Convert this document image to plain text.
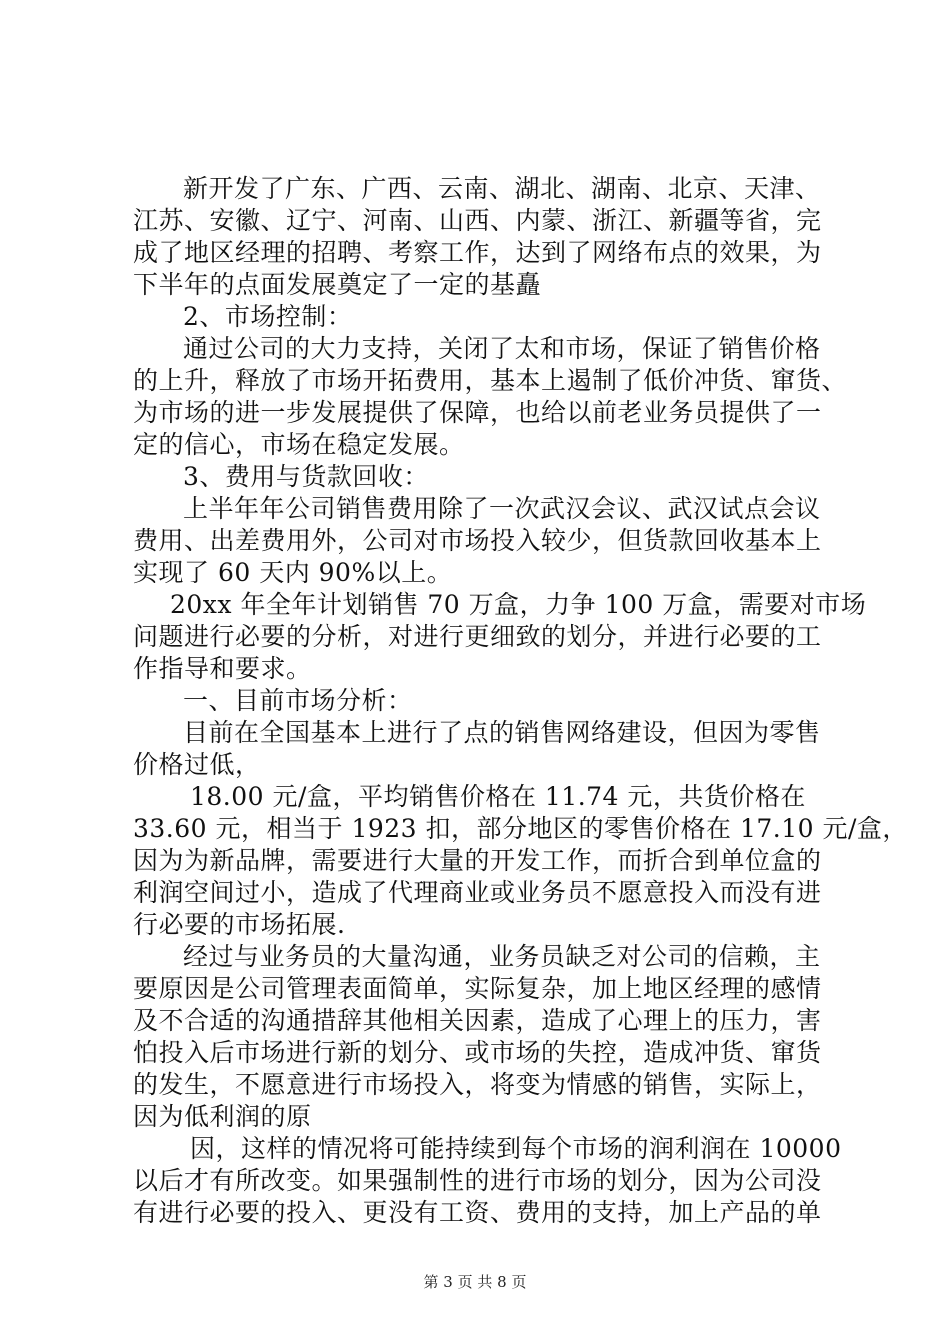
新开发了广东、广西、云南、湖北、湖南、北京、天津、
江苏、安徽、辽宁、河南、山西、内蒙、浙江、新疆等省，完
成了地区经理的招聘、考察工作，达到了网络布点的效果，为
下半年的点面发展奠定了一定的基矗
2、市场控制：
通过公司的大力支持，关闭了太和市场，保证了销售价格
的上升，释放了市场开拓费用，基本上遏制了低价冲货、窜货、
为市场的进一步发展提供了保障，也给以前老业务员提供了一
定的信心，市场在稳定发展。
3、费用与货款回收：
上半年年公司销售费用除了一次武汉会议、武汉试点会议
费用、出差费用外，公司对市场投入较少，但货款回收基本上
实现了 60 天内 90%以上。
20xx 年全年计划销售 70 万盒，力争 100 万盒，需要对市场
问题进行必要的分析，对进行更细致的划分，并进行必要的工
作指导和要求。
一、目前市场分析：
目前在全国基本上进行了点的销售网络建设，但因为零售
价格过低，
18.00 元/盒，平均销售价格在 11.74 元，共货价格在
33.60 元，相当于 1923 扣，部分地区的零售价格在 17.10 元/盒，
因为为新品牌，需要进行大量的开发工作，而折合到单位盒的
利润空间过小，造成了代理商业或业务员不愿意投入而没有进
行必要的市场拓展.
经过与业务员的大量沟通，业务员缺乏对公司的信赖，主
要原因是公司管理表面简单，实际复杂，加上地区经理的感情
及不合适的沟通措辞其他相关因素，造成了心理上的压力，害
怕投入后市场进行新的划分、或市场的失控，造成冲货、窜货
的发生，不愿意进行市场投入，将变为情感的销售，实际上，
因为低利润的原
因，这样的情况将可能持续到每个市场的润利润在 10000
以后才有所改变。如果强制性的进行市场的划分，因为公司没
有进行必要的投入、更没有工资、费用的支持，加上产品的单
第 3 页 共 8 页
